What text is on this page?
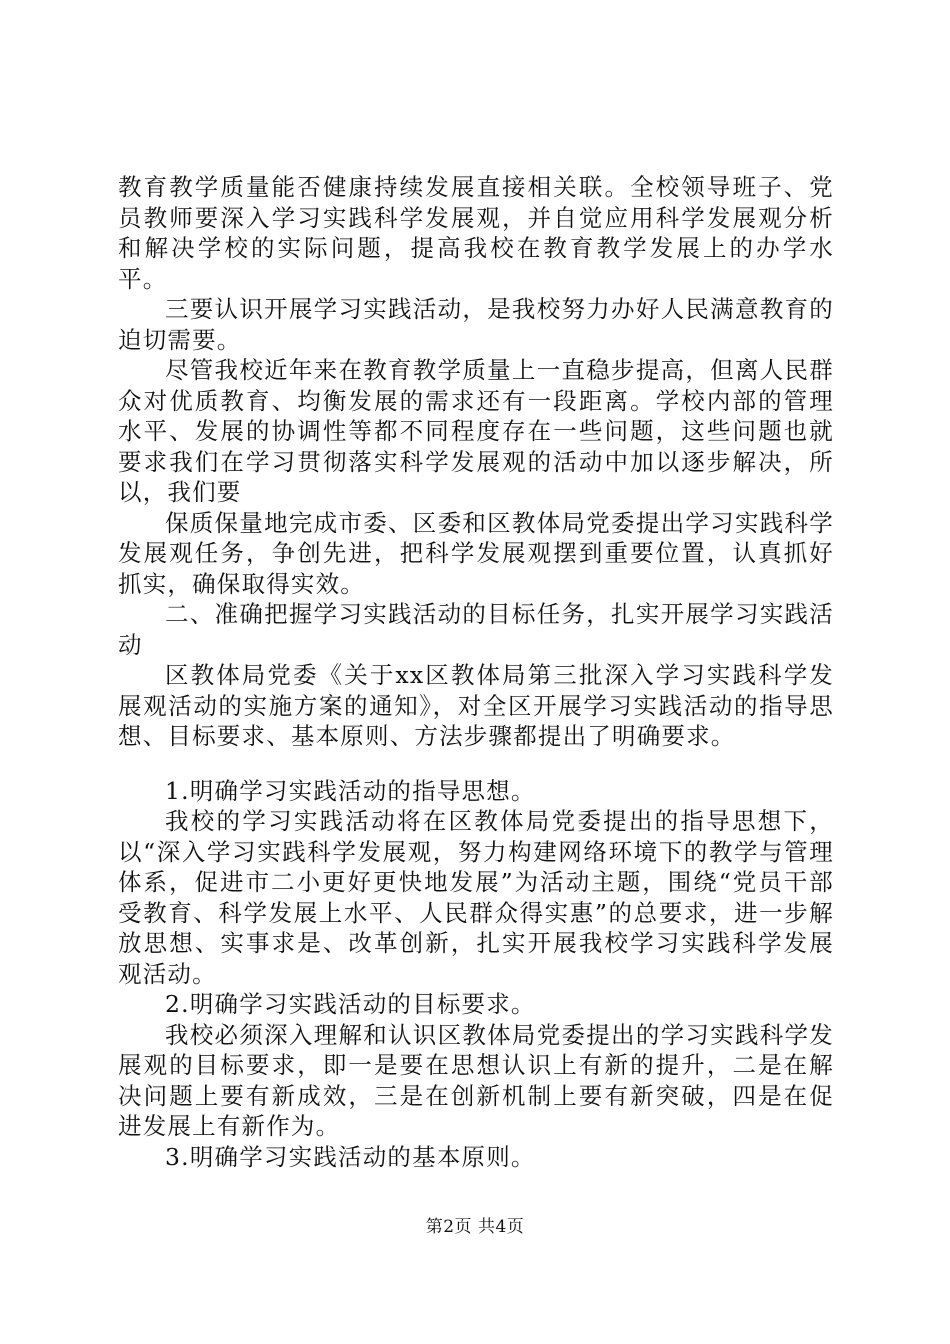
教育教学质量能否健康持续发展直接相关联。全校领导班子、党员教师要深入学习实践科学发展观，并自觉应用科学发展观分析和解决学校的实际问题，提高我校在教育教学发展上的办学水平。

三要认识开展学习实践活动，是我校努力办好人民满意教育的迫切需要。

尽管我校近年来在教育教学质量上一直稳步提高，但离人民群众对优质教育、均衡发展的需求还有一段距离。学校内部的管理水平、发展的协调性等都不同程度存在一些问题，这些问题也就要求我们在学习贯彻落实科学发展观的活动中加以逐步解决，所以，我们要

保质保量地完成市委、区委和区教体局党委提出学习实践科学发展观任务，争创先进，把科学发展观摆到重要位置，认真抓好抓实，确保取得实效。

二、准确把握学习实践活动的目标任务，扎实开展学习实践活动

区教体局党委《关于xx区教体局第三批深入学习实践科学发展观活动的实施方案的通知》，对全区开展学习实践活动的指导思想、目标要求、基本原则、方法步骤都提出了明确要求。

1.明确学习实践活动的指导思想。

我校的学习实践活动将在区教体局党委提出的指导思想下，以“深入学习实践科学发展观，努力构建网络环境下的教学与管理体系，促进市二小更好更快地发展”为活动主题，围绕“党员干部受教育、科学发展上水平、人民群众得实惠”的总要求，进一步解放思想、实事求是、改革创新，扎实开展我校学习实践科学发展观活动。

2.明确学习实践活动的目标要求。

我校必须深入理解和认识区教体局党委提出的学习实践科学发展观的目标要求，即一是要在思想认识上有新的提升，二是在解决问题上要有新成效，三是在创新机制上要有新突破，四是在促进发展上有新作为。

3.明确学习实践活动的基本原则。

第2页 共4页
